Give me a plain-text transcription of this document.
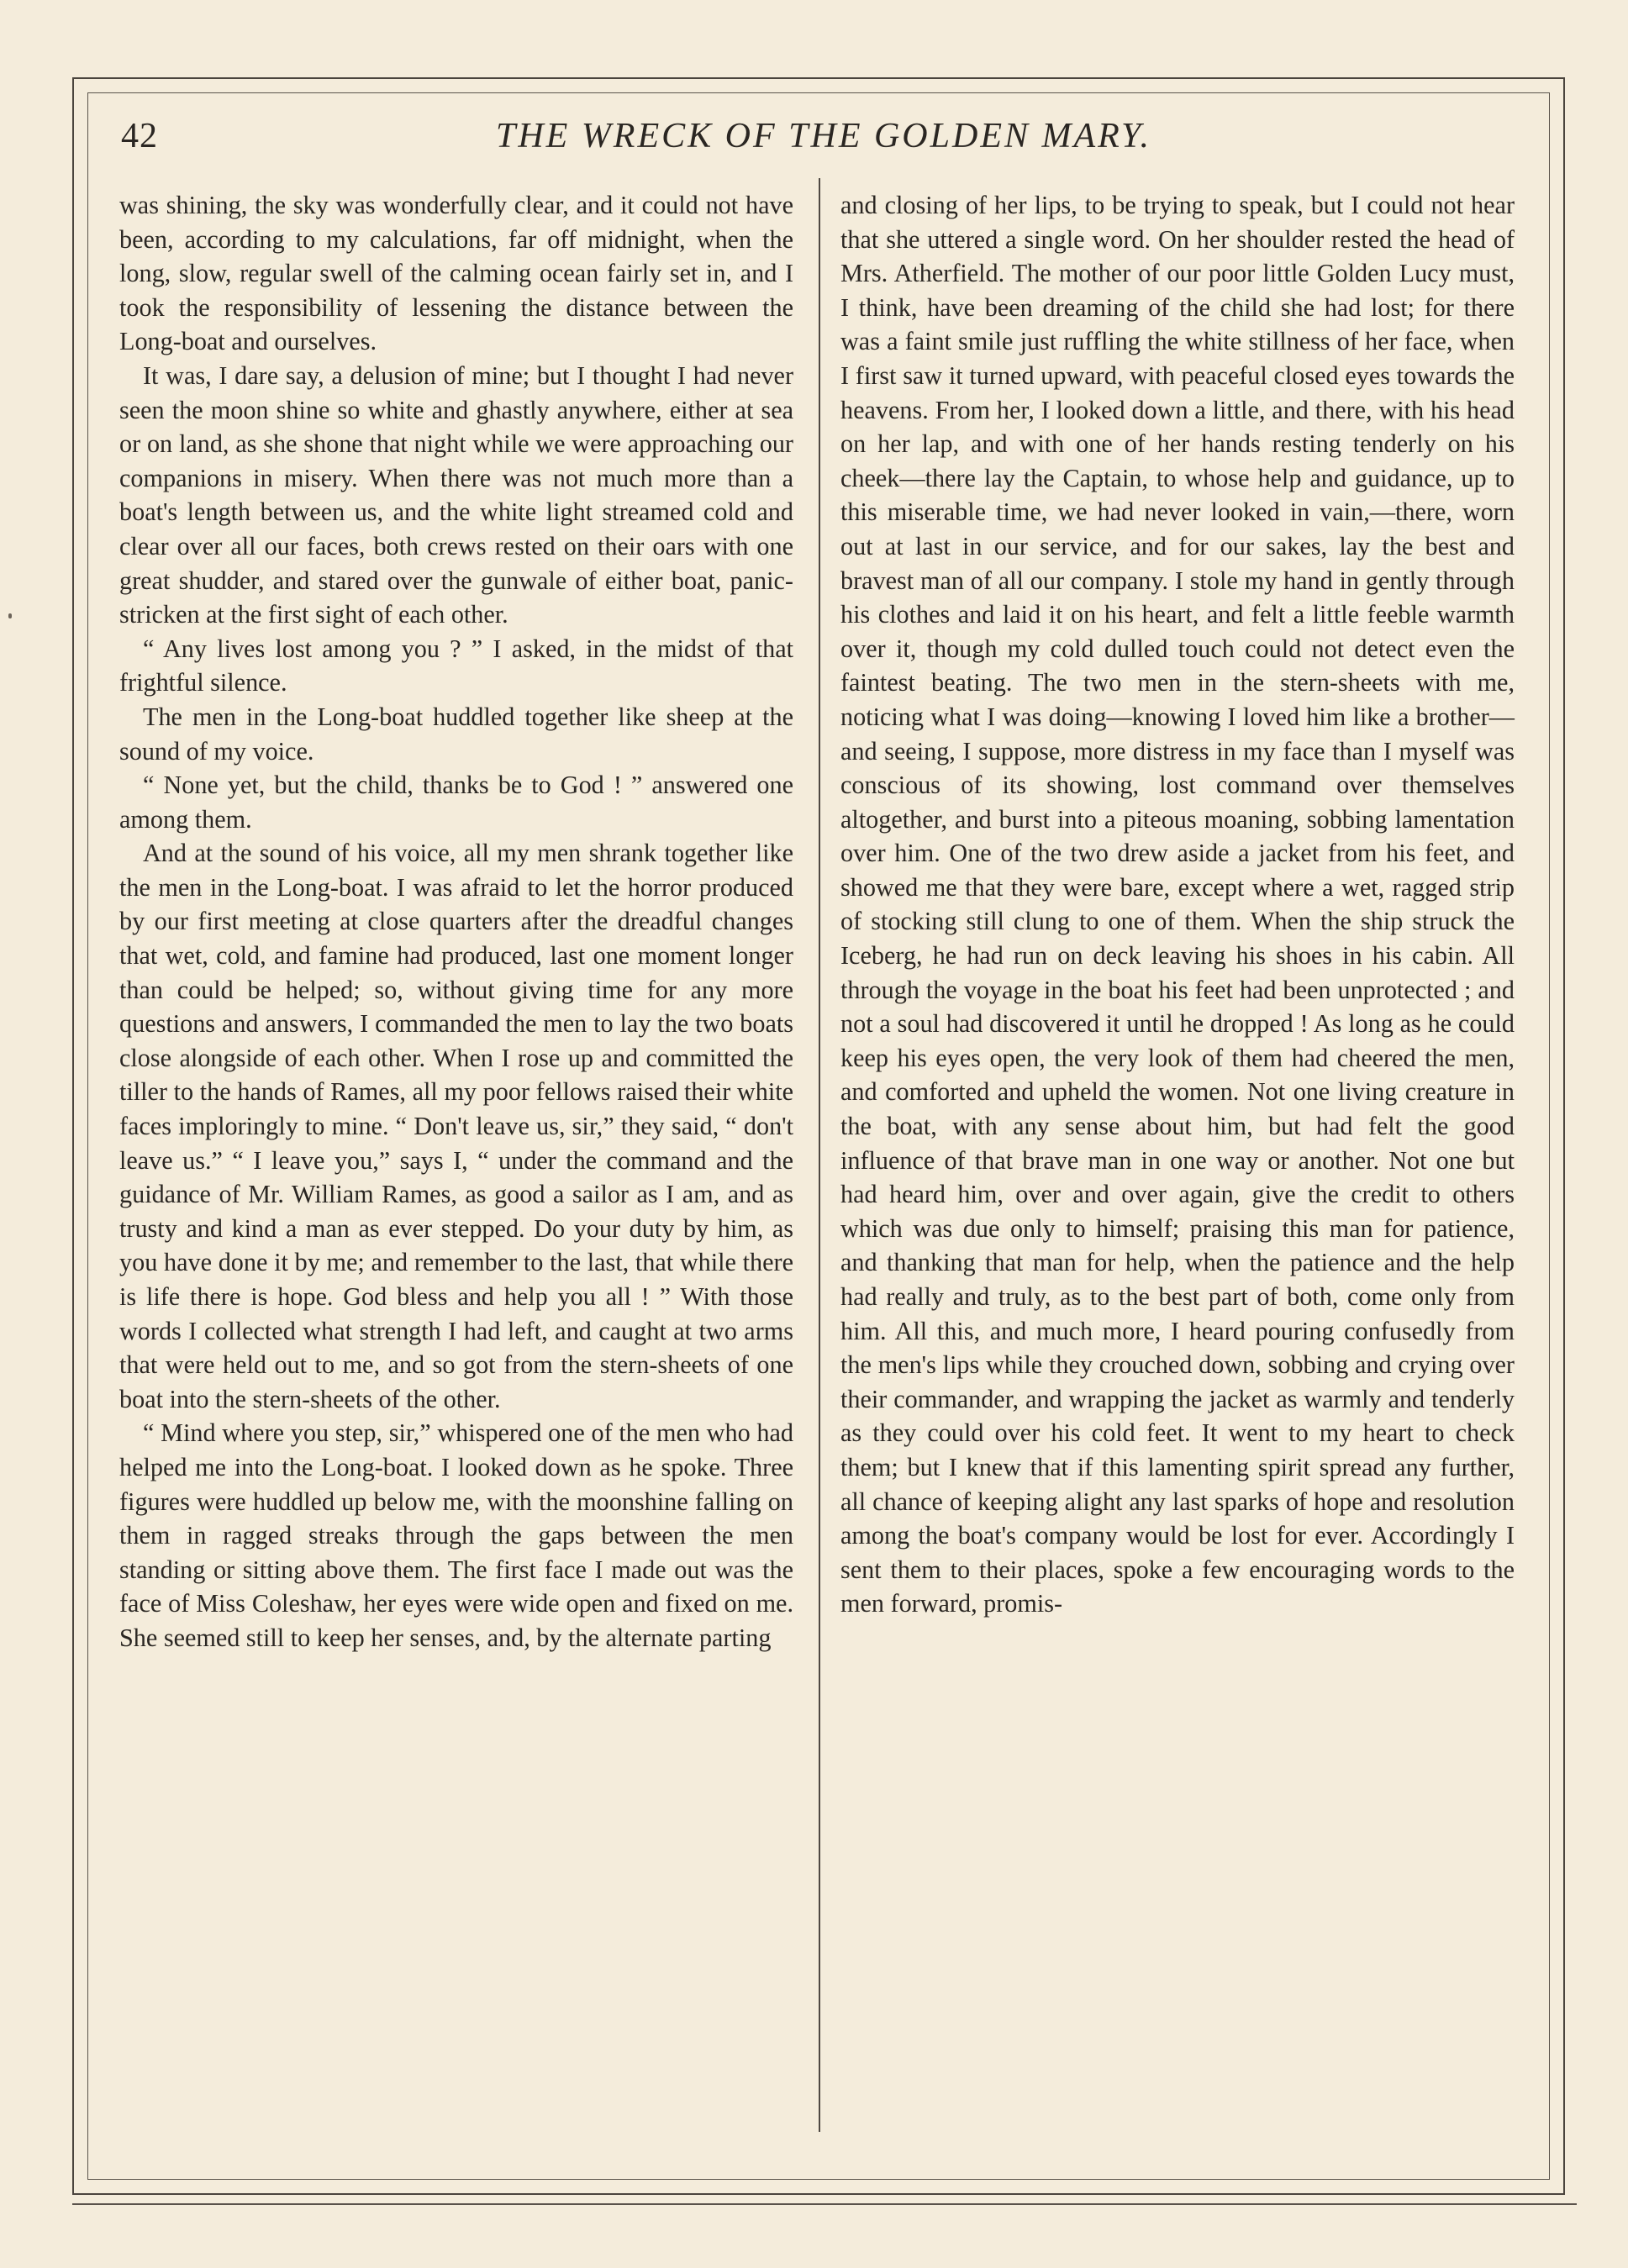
42	THE WRECK OF THE GOLDEN MARY.

was shining, the sky was wonderfully clear, and it could not have been, according to my calculations, far off midnight, when the long, slow, regular swell of the calming ocean fairly set in, and I took the responsibility of lessening the distance between the Long-boat and ourselves.

It was, I dare say, a delusion of mine; but I thought I had never seen the moon shine so white and ghastly anywhere, either at sea or on land, as she shone that night while we were approaching our companions in misery. When there was not much more than a boat's length between us, and the white light streamed cold and clear over all our faces, both crews rested on their oars with one great shudder, and stared over the gunwale of either boat, panic-stricken at the first sight of each other.

“ Any lives lost among you ? ” I asked, in the midst of that frightful silence.

The men in the Long-boat huddled together like sheep at the sound of my voice.

“ None yet, but the child, thanks be to God ! ” answered one among them.

And at the sound of his voice, all my men shrank together like the men in the Long-boat. I was afraid to let the horror produced by our first meeting at close quarters after the dreadful changes that wet, cold, and famine had produced, last one moment longer than could be helped; so, without giving time for any more questions and answers, I commanded the men to lay the two boats close alongside of each other. When I rose up and committed the tiller to the hands of Rames, all my poor fellows raised their white faces imploringly to mine. “ Don't leave us, sir,” they said, “ don't leave us.” “ I leave you,” says I, “ under the command and the guidance of Mr. William Rames, as good a sailor as I am, and as trusty and kind a man as ever stepped. Do your duty by him, as you have done it by me; and remember to the last, that while there is life there is hope. God bless and help you all ! ” With those words I collected what strength I had left, and caught at two arms that were held out to me, and so got from the stern-sheets of one boat into the stern-sheets of the other.

“ Mind where you step, sir,” whispered one of the men who had helped me into the Long-boat. I looked down as he spoke. Three figures were huddled up below me, with the moonshine falling on them in ragged streaks through the gaps between the men standing or sitting above them. The first face I made out was the face of Miss Coleshaw, her eyes were wide open and fixed on me. She seemed still to keep her senses, and, by the alternate parting

and closing of her lips, to be trying to speak, but I could not hear that she uttered a single word. On her shoulder rested the head of Mrs. Atherfield. The mother of our poor little Golden Lucy must, I think, have been dreaming of the child she had lost; for there was a faint smile just ruffling the white stillness of her face, when I first saw it turned upward, with peaceful closed eyes towards the heavens. From her, I looked down a little, and there, with his head on her lap, and with one of her hands resting tenderly on his cheek—there lay the Captain, to whose help and guidance, up to this miserable time, we had never looked in vain,—there, worn out at last in our service, and for our sakes, lay the best and bravest man of all our company. I stole my hand in gently through his clothes and laid it on his heart, and felt a little feeble warmth over it, though my cold dulled touch could not detect even the faintest beating. The two men in the stern-sheets with me, noticing what I was doing—knowing I loved him like a brother—and seeing, I suppose, more distress in my face than I myself was conscious of its showing, lost command over themselves altogether, and burst into a piteous moaning, sobbing lamentation over him. One of the two drew aside a jacket from his feet, and showed me that they were bare, except where a wet, ragged strip of stocking still clung to one of them. When the ship struck the Iceberg, he had run on deck leaving his shoes in his cabin. All through the voyage in the boat his feet had been unprotected ; and not a soul had discovered it until he dropped ! As long as he could keep his eyes open, the very look of them had cheered the men, and comforted and upheld the women. Not one living creature in the boat, with any sense about him, but had felt the good influence of that brave man in one way or another. Not one but had heard him, over and over again, give the credit to others which was due only to himself; praising this man for patience, and thanking that man for help, when the patience and the help had really and truly, as to the best part of both, come only from him. All this, and much more, I heard pouring confusedly from the men's lips while they crouched down, sobbing and crying over their commander, and wrapping the jacket as warmly and tenderly as they could over his cold feet. It went to my heart to check them; but I knew that if this lamenting spirit spread any further, all chance of keeping alight any last sparks of hope and resolution among the boat's company would be lost for ever. Accordingly I sent them to their places, spoke a few encouraging words to the men forward, promis-
